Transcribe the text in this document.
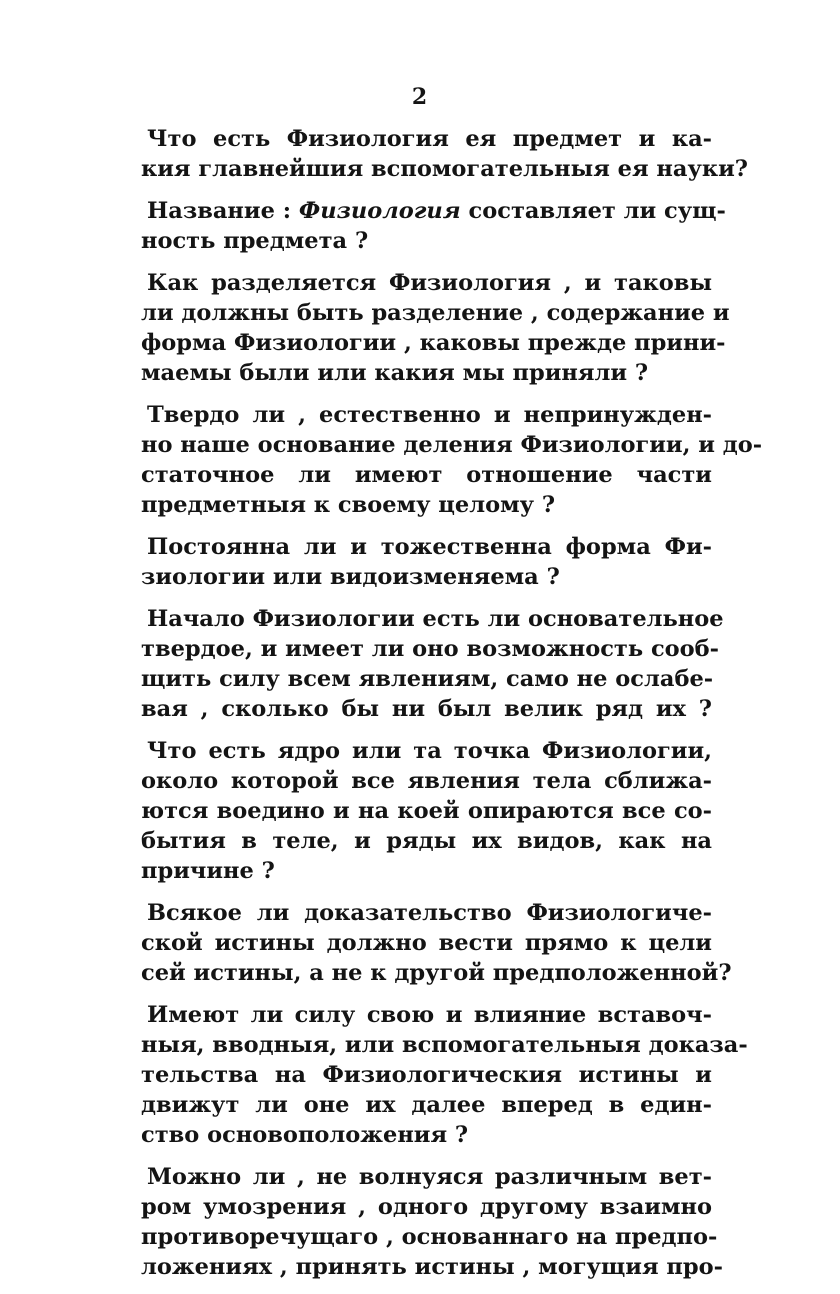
2
Что есть Физиология ея предмет и ка-
кия главнейшия вспомогательныя ея науки?
Название : Физиология составляет ли сущ-
ность предмета ?
Как разделяется Физиология , и таковы
ли должны быть разделение , содержание и
форма Физиологии , каковы прежде прини-
маемы были или какия мы приняли ?
Твердо ли , естественно и непринужден-
но наше основание деления Физиологии, и до-
статочное ли имеют отношение части
предметныя к своему целому ?
Постоянна ли и тожественна форма Фи-
зиологии или видоизменяема ?
Начало Физиологии есть ли основательное
твердое, и имеет ли оно возможность сооб-
щить силу всем явлениям, само не ослабе-
вая , сколько бы ни был велик ряд их ?
Что есть ядро или та точка Физиологии,
около которой все явления тела сближа-
ются воедино и на коей опираются все со-
бытия в теле, и ряды их видов, как на
причине ?
Всякое ли доказательство Физиологиче-
ской истины должно вести прямо к цели
сей истины, а не к другой предположенной?
Имеют ли силу свою и влияние вставоч-
ныя, вводныя, или вспомогательныя доказа-
тельства на Физиологическия истины и
движут ли оне их далее вперед в един-
ство основоположения ?
Можно ли , не волнуяся различным вет-
ром умозрения , одного другому взаимно
противоречущаго , основаннаго на предпо-
ложениях , принять истины , могущия про-
